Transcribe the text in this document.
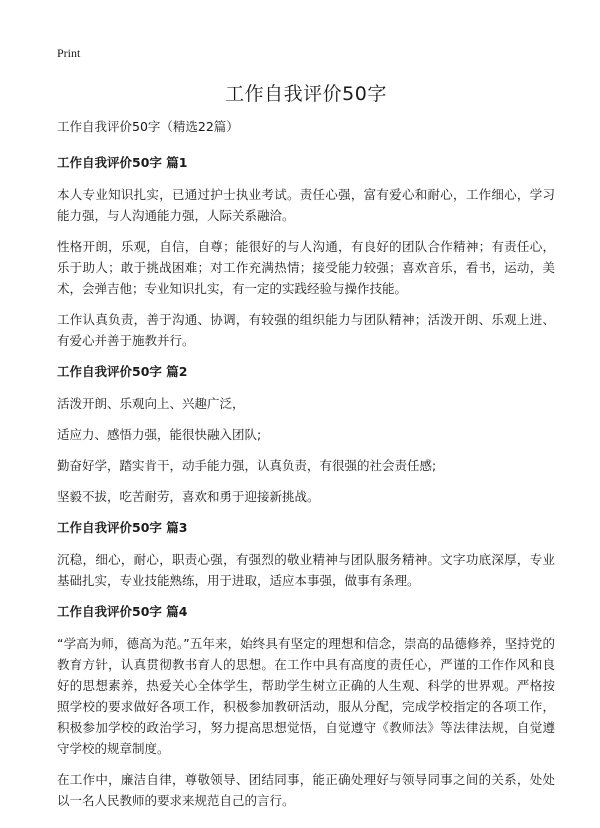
Print
工作自我评价50字
工作自我评价50字（精选22篇）
工作自我评价50字 篇1

本人专业知识扎实，已通过护士执业考试。责任心强，富有爱心和耐心，工作细心，学习能力强，与人沟通能力强，人际关系融洽。

性格开朗，乐观，自信，自尊；能很好的与人沟通，有良好的团队合作精神；有责任心，乐于助人；敢于挑战困难；对工作充满热情；接受能力较强；喜欢音乐，看书，运动，美术，会弹吉他；专业知识扎实，有一定的实践经验与操作技能。

工作认真负责，善于沟通、协调，有较强的组织能力与团队精神；活泼开朗、乐观上进、有爱心并善于施教并行。

工作自我评价50字 篇2

活泼开朗、乐观向上、兴趣广泛，

适应力、感悟力强，能很快融入团队;

勤奋好学，踏实肯干，动手能力强，认真负责，有很强的社会责任感;

坚毅不拔，吃苦耐劳，喜欢和勇于迎接新挑战。

工作自我评价50字 篇3

沉稳，细心，耐心，职责心强，有强烈的敬业精神与团队服务精神。文字功底深厚，专业基础扎实，专业技能熟练，用于进取，适应本事强，做事有条理。

工作自我评价50字 篇4

“学高为师，德高为范。”五年来，始终具有坚定的理想和信念，崇高的品德修养，坚持党的教育方针，认真贯彻教书育人的思想。在工作中具有高度的责任心，严谨的工作作风和良好的思想素养，热爱关心全体学生，帮助学生树立正确的人生观、科学的世界观。严格按照学校的要求做好各项工作，积极参加教研活动，服从分配，完成学校指定的各项工作，积极参加学校的政治学习，努力提高思想觉悟，自觉遵守《教师法》等法律法规，自觉遵守学校的规章制度。

在工作中，廉洁自律，尊敬领导、团结同事，能正确处理好与领导同事之间的关系，处处以一名人民教师的要求来规范自己的言行。
